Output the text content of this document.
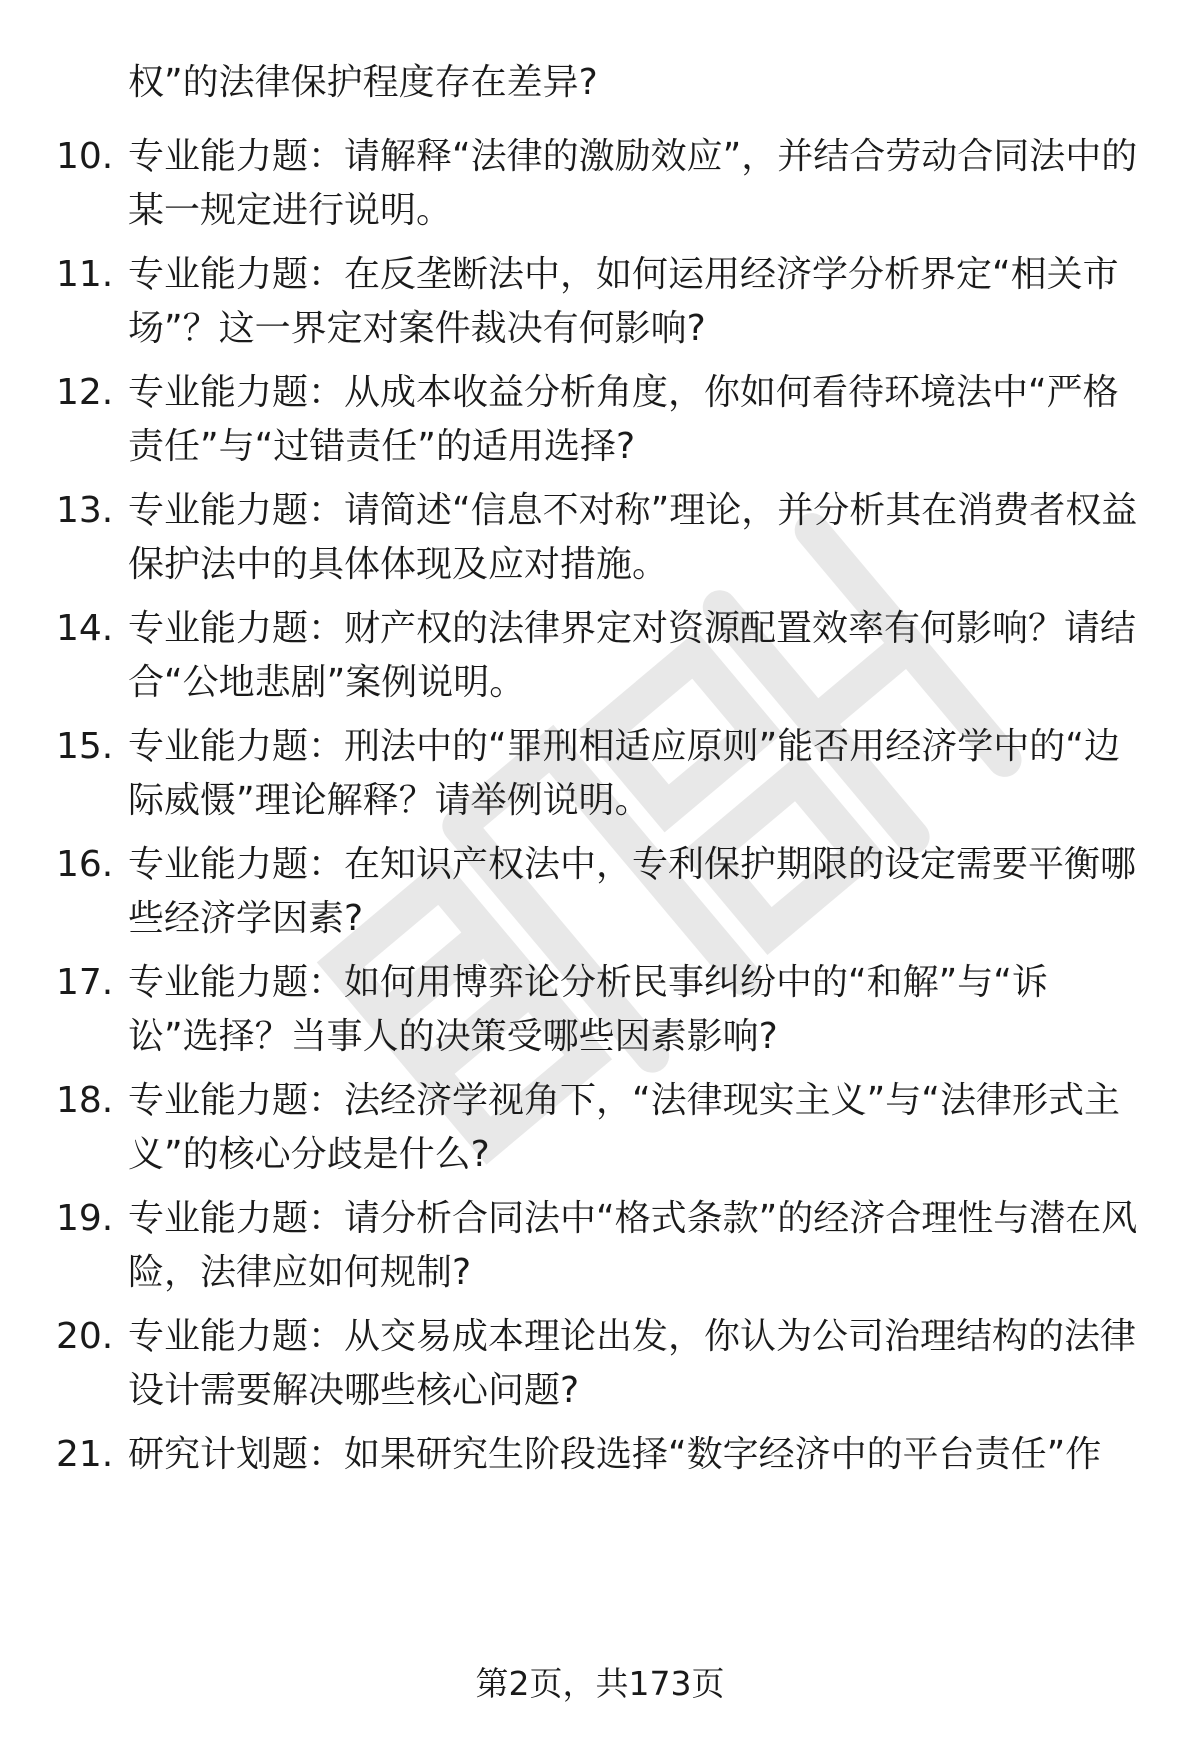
权”的法律保护程度存在差异?

10. 专业能力题：请解释“法律的激励效应”，并结合劳动合同法中的某一规定进行说明。

11. 专业能力题：在反垄断法中，如何运用经济学分析界定“相关市场”？这一界定对案件裁决有何影响?

12. 专业能力题：从成本收益分析角度，你如何看待环境法中“严格责任”与“过错责任”的适用选择?

13. 专业能力题：请简述“信息不对称”理论，并分析其在消费者权益保护法中的具体体现及应对措施。

14. 专业能力题：财产权的法律界定对资源配置效率有何影响？请结合“公地悲剧”案例说明。

15. 专业能力题：刑法中的“罪刑相适应原则”能否用经济学中的“边际威慑”理论解释？请举例说明。

16. 专业能力题：在知识产权法中，专利保护期限的设定需要平衡哪些经济学因素?

17. 专业能力题：如何用博弈论分析民事纠纷中的“和解”与“诉讼”选择？当事人的决策受哪些因素影响?

18. 专业能力题：法经济学视角下，“法律现实主义”与“法律形式主义”的核心分歧是什么?

19. 专业能力题：请分析合同法中“格式条款”的经济合理性与潜在风险，法律应如何规制?

20. 专业能力题：从交易成本理论出发，你认为公司治理结构的法律设计需要解决哪些核心问题?

21. 研究计划题：如果研究生阶段选择“数字经济中的平台责任”作

第2页，共173页
